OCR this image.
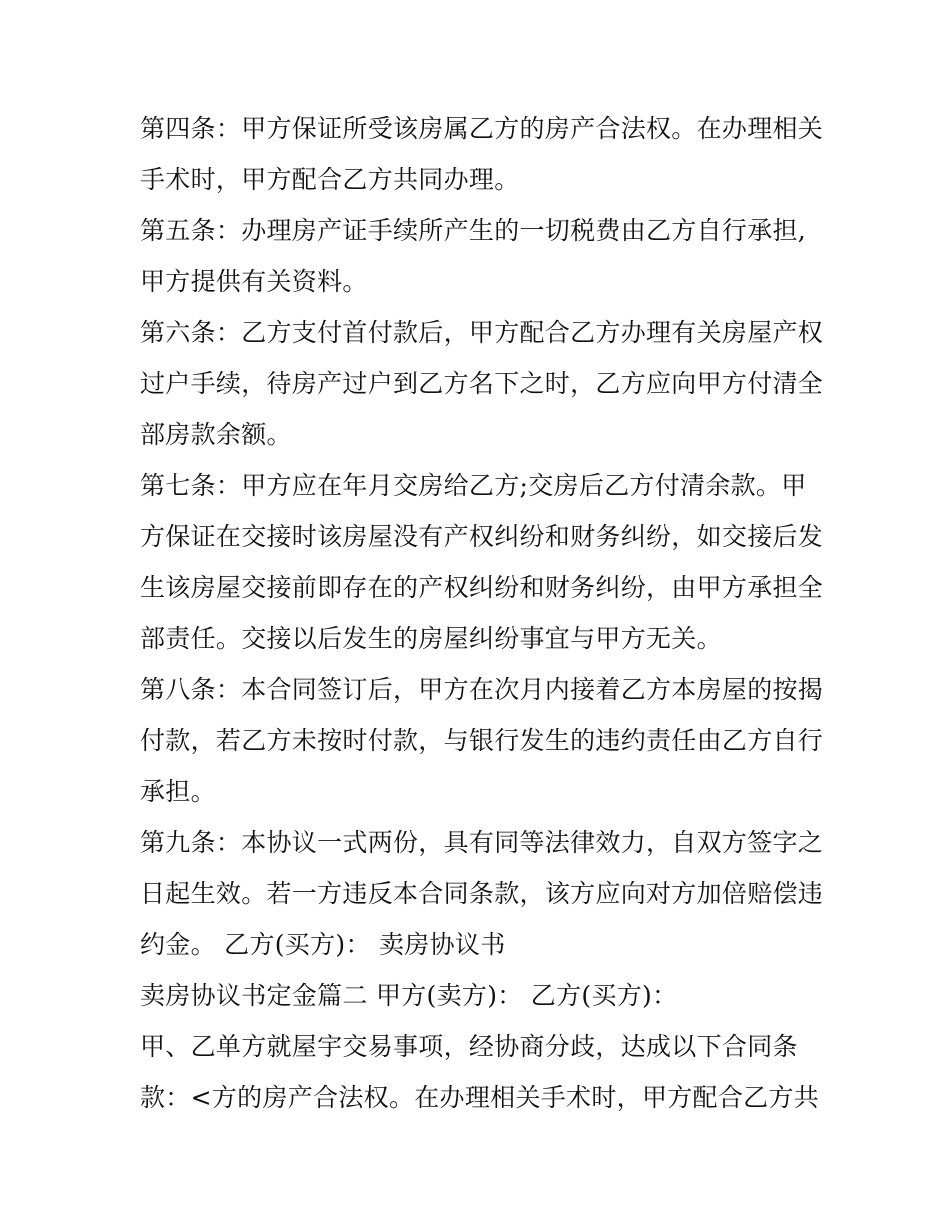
第四条：甲方保证所受该房属乙方的房产合法权。在办理相关
手术时，甲方配合乙方共同办理。
第五条：办理房产证手续所产生的一切税费由乙方自行承担,
甲方提供有关资料。
第六条：乙方支付首付款后，甲方配合乙方办理有关房屋产权
过户手续，待房产过户到乙方名下之时，乙方应向甲方付清全
部房款余额。
第七条：甲方应在年月交房给乙方;交房后乙方付清余款。甲
方保证在交接时该房屋没有产权纠纷和财务纠纷，如交接后发
生该房屋交接前即存在的产权纠纷和财务纠纷，由甲方承担全
部责任。交接以后发生的房屋纠纷事宜与甲方无关。
第八条：本合同签订后，甲方在次月内接着乙方本房屋的按揭
付款，若乙方未按时付款，与银行发生的违约责任由乙方自行
承担。
第九条：本协议一式两份，具有同等法律效力，自双方签字之
日起生效。若一方违反本合同条款，该方应向对方加倍赔偿违
约金。 乙方(买方)： 卖房协议书
卖房协议书定金篇二 甲方(卖方)： 乙方(买方)：
甲、乙单方就屋宇交易事项，经协商分歧，达成以下合同条
款：<方的房产合法权。在办理相关手术时，甲方配合乙方共
